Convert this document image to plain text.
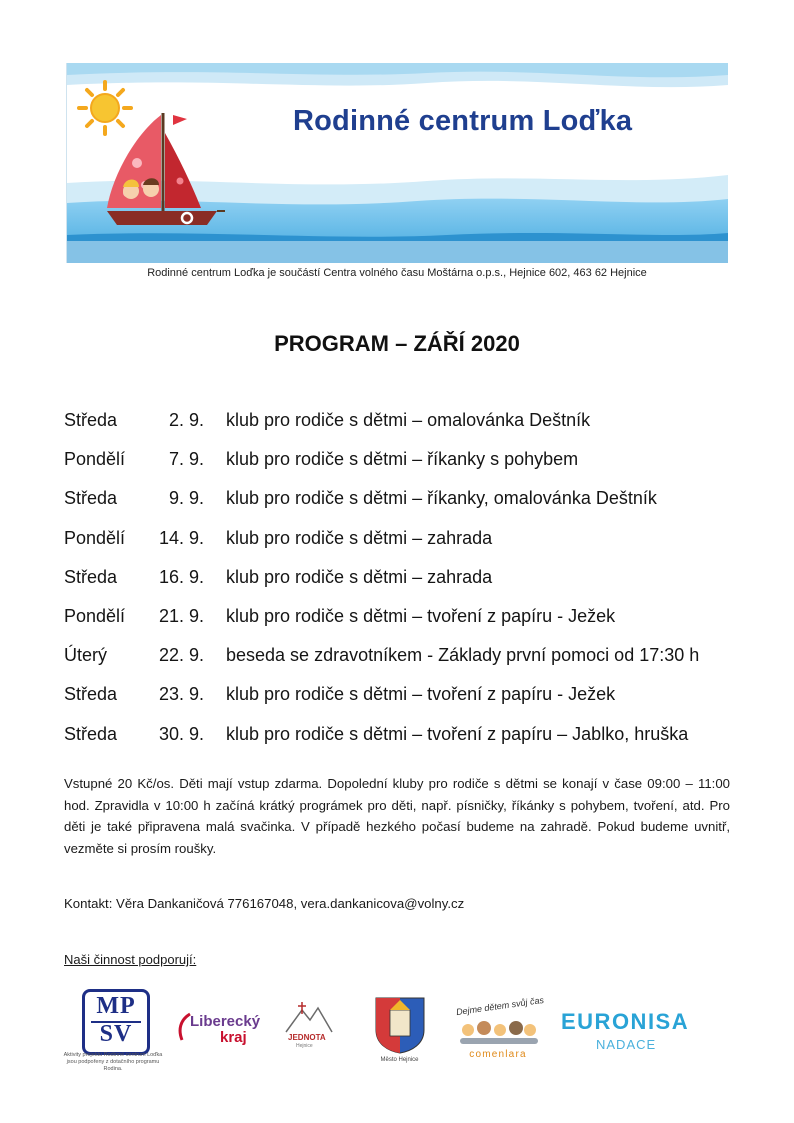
Rodinné centrum Loďka
Rodinné centrum Loďka je součástí Centra volného času Moštárna o.p.s., Hejnice 602, 463 62 Hejnice
PROGRAM – ZÁŘÍ 2020
Středa	2. 9. klub pro rodiče s dětmi – omalovánka Deštník
Pondělí	7. 9. klub pro rodiče s dětmi – říkanky s pohybem
Středa	9. 9. klub pro rodiče s dětmi – říkanky, omalovánka Deštník
Pondělí	14. 9. klub pro rodiče s dětmi – zahrada
Středa	16. 9. klub pro rodiče s dětmi – zahrada
Pondělí	21. 9. klub pro rodiče s dětmi – tvoření z papíru - Ježek
Úterý	22. 9. beseda se zdravotníkem - Základy první pomoci od 17:30 h
Středa	23. 9. klub pro rodiče s dětmi – tvoření z papíru - Ježek
Středa	30. 9. klub pro rodiče s dětmi – tvoření z papíru – Jablko, hruška
Vstupné 20 Kč/os. Děti mají vstup zdarma. Dopolední kluby pro rodiče s dětmi se konají v čase 09:00 – 11:00 hod. Zpravidla v 10:00 h začíná krátký prográmek pro děti, např. písničky, říkánky s pohybem, tvoření, atd. Pro děti je také připravena malá svačinka. V případě hezkého počasí budeme na zahradě. Pokud budeme uvnitř, vezměte si prosím roušky.
Kontakt: Věra Dankaničová 776167048, vera.dankanicova@volny.cz
Naši činnost podporují:
MP
SV
Aktivity projektu Rodinné centrum Loďka jsou podpořeny z dotačního programu Rodina.
Liberecký
kraj	JEDNOTA
Hejnice
Město Hejnice
Dejme dětem svůj čas
comenlara
EURONISA
NADACE
